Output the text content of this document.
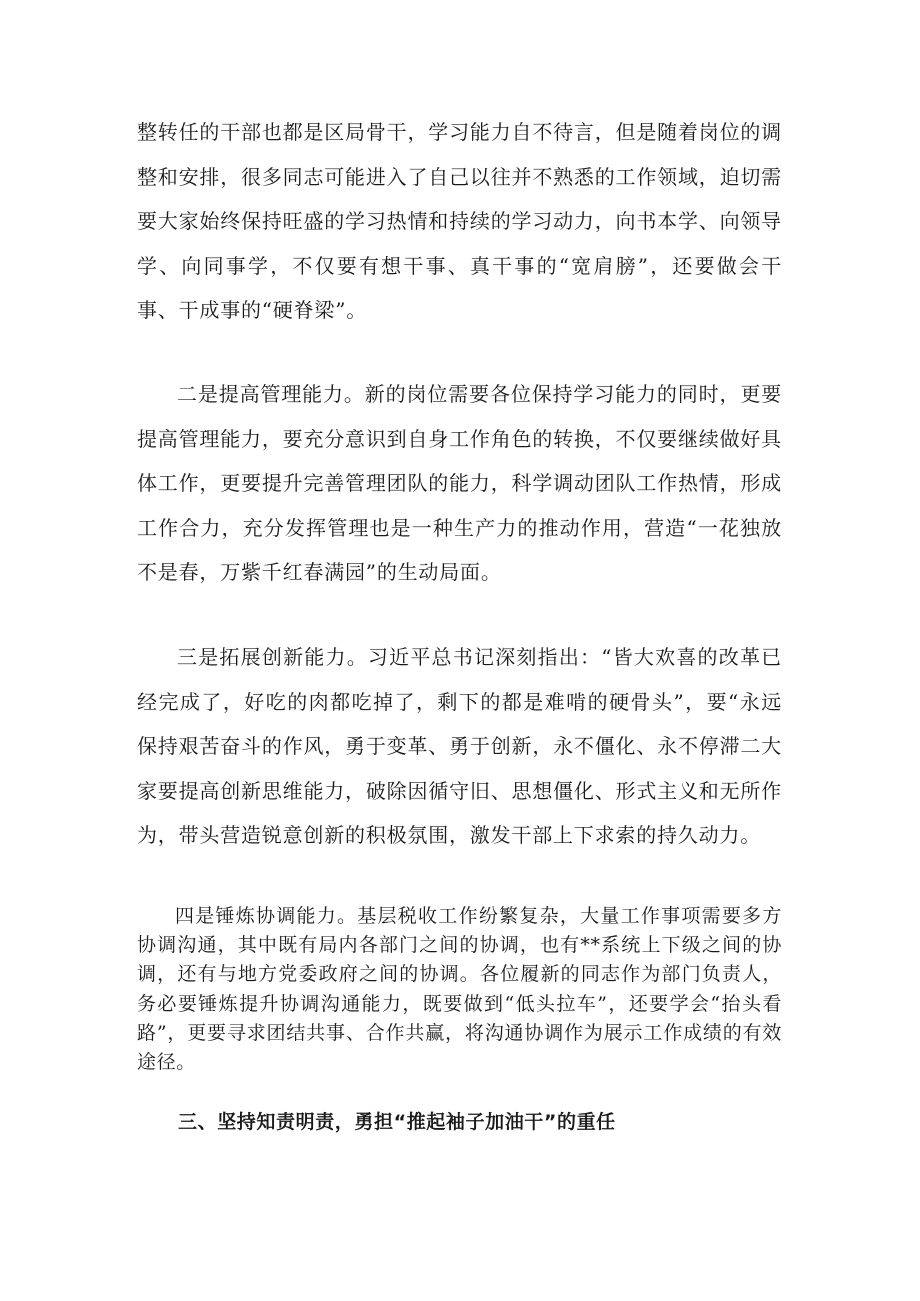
整转任的干部也都是区局骨干，学习能力自不待言，但是随着岗位的调整和安排，很多同志可能进入了自己以往并不熟悉的工作领域，迫切需要大家始终保持旺盛的学习热情和持续的学习动力，向书本学、向领导学、向同事学，不仅要有想干事、真干事的“宽肩膀”，还要做会干事、干成事的“硬脊梁”。

二是提高管理能力。新的岗位需要各位保持学习能力的同时，更要提高管理能力，要充分意识到自身工作角色的转换，不仅要继续做好具体工作，更要提升完善管理团队的能力，科学调动团队工作热情，形成工作合力，充分发挥管理也是一种生产力的推动作用，营造“一花独放不是春，万紫千红春满园”的生动局面。

三是拓展创新能力。习近平总书记深刻指出：“皆大欢喜的改革已经完成了，好吃的肉都吃掉了，剩下的都是难啃的硬骨头”，要“永远保持艰苦奋斗的作风，勇于变革、勇于创新，永不僵化、永不停滞二大家要提高创新思维能力，破除因循守旧、思想僵化、形式主义和无所作为，带头营造锐意创新的积极氛围，激发干部上下求索的持久动力。

四是锤炼协调能力。基层税收工作纷繁复杂，大量工作事项需要多方协调沟通，其中既有局内各部门之间的协调，也有**系统上下级之间的协调，还有与地方党委政府之间的协调。各位履新的同志作为部门负责人，务必要锤炼提升协调沟通能力，既要做到“低头拉车”，还要学会“抬头看路”，更要寻求团结共事、合作共赢，将沟通协调作为展示工作成绩的有效途径。

三、坚持知责明责，勇担“推起袖子加油干”的重任
